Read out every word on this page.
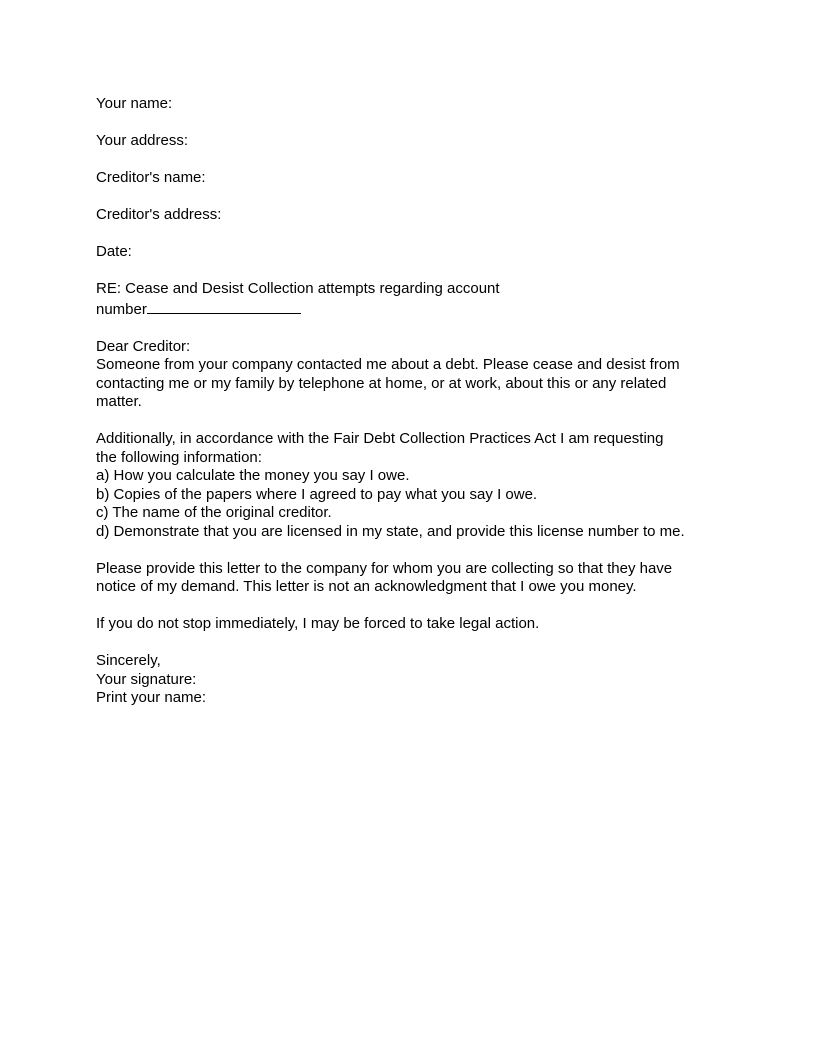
Your name:
Your address:
Creditor's name:
Creditor's address:
Date:
RE: Cease and Desist Collection attempts regarding account
number
Dear Creditor:
Someone from your company contacted me about a debt. Please cease and desist from
contacting me or my family by telephone at home, or at work, about this or any related
matter.
Additionally, in accordance with the Fair Debt Collection Practices Act I am requesting
the following information:
a) How you calculate the money you say I owe.
b) Copies of the papers where I agreed to pay what you say I owe.
c) The name of the original creditor.
d) Demonstrate that you are licensed in my state, and provide this license number to me.
Please provide this letter to the company for whom you are collecting so that they have
notice of my demand. This letter is not an acknowledgment that I owe you money.
If you do not stop immediately, I may be forced to take legal action.
Sincerely,
Your signature:
Print your name:
